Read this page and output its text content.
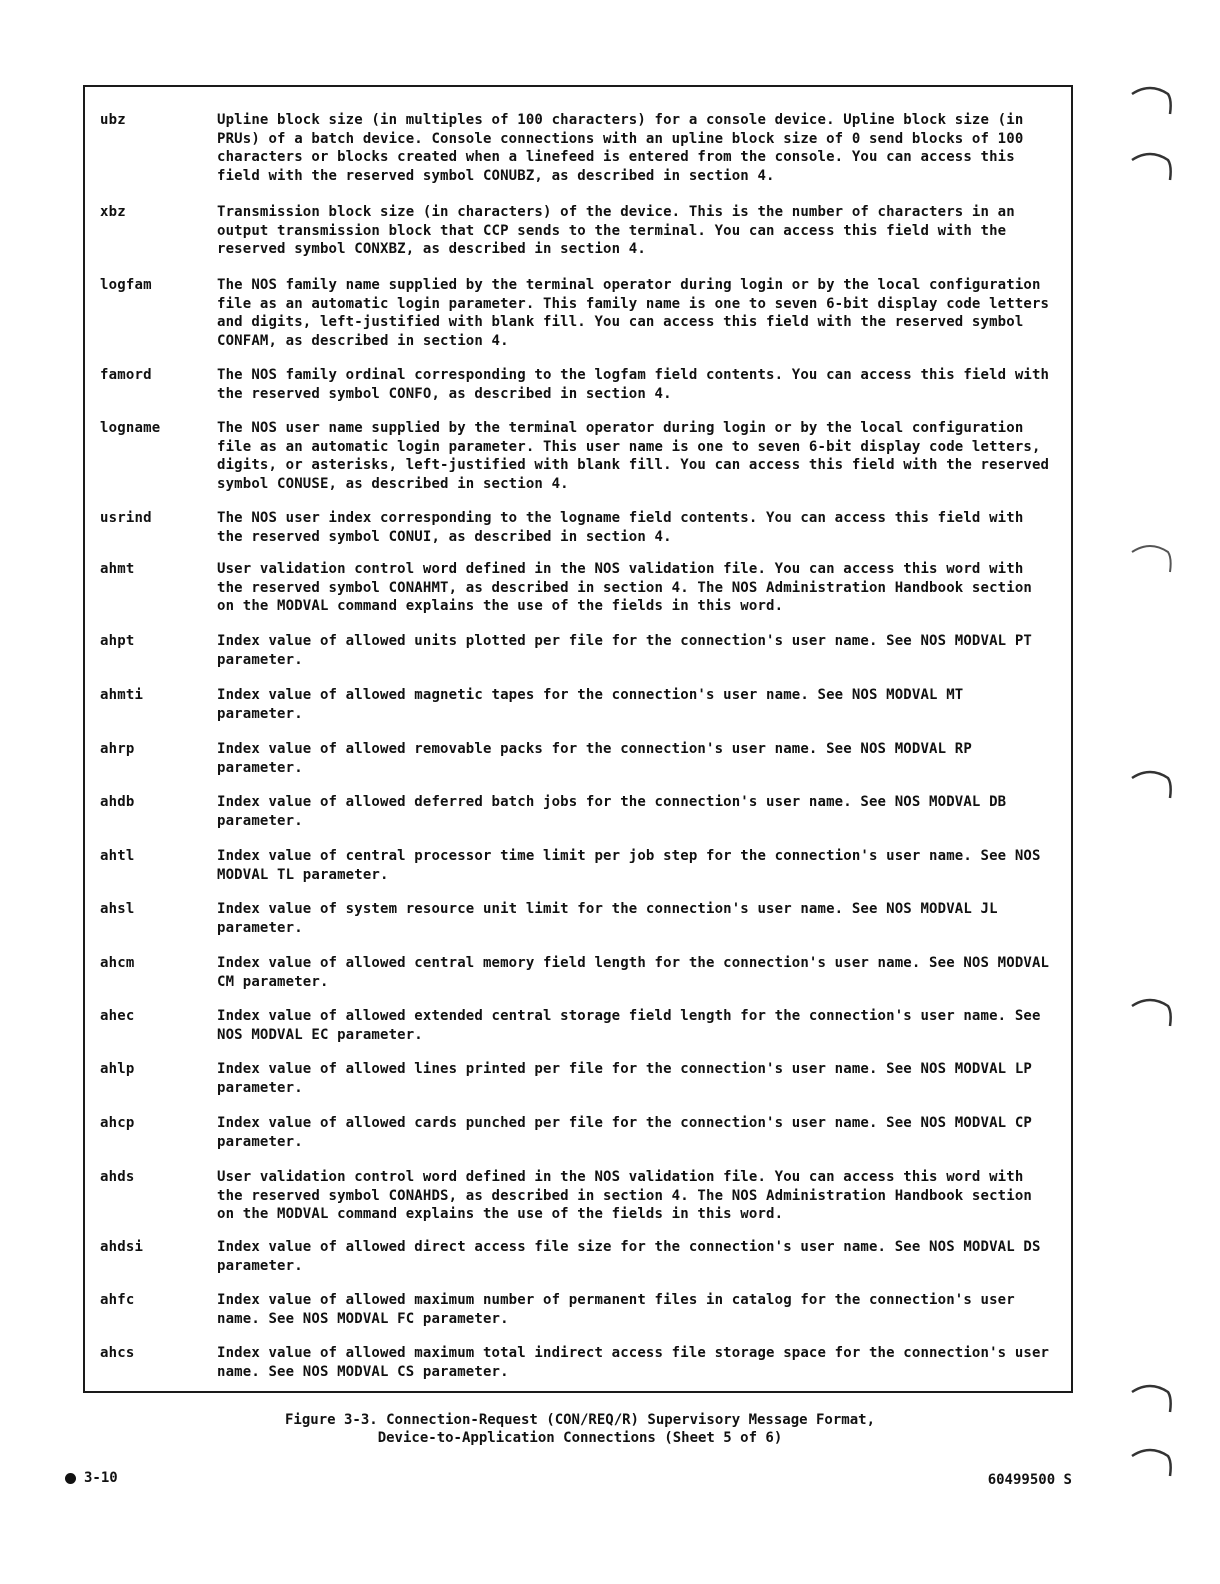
ubz	Upline block size (in multiples of 100 characters) for a console device. Upline block size (in PRUs) of a batch device. Console connections with an upline block size of 0 send blocks of 100 characters or blocks created when a linefeed is entered from the console. You can access this field with the reserved symbol CONUBZ, as described in section 4.
xbz	Transmission block size (in characters) of the device. This is the number of characters in an output transmission block that CCP sends to the terminal. You can access this field with the reserved symbol CONXBZ, as described in section 4.
logfam	The NOS family name supplied by the terminal operator during login or by the local configuration file as an automatic login parameter. This family name is one to seven 6-bit display code letters and digits, left-justified with blank fill. You can access this field with the reserved symbol CONFAM, as described in section 4.
famord	The NOS family ordinal corresponding to the logfam field contents. You can access this field with the reserved symbol CONFO, as described in section 4.
logname	The NOS user name supplied by the terminal operator during login or by the local configuration file as an automatic login parameter. This user name is one to seven 6-bit display code letters, digits, or asterisks, left-justified with blank fill. You can access this field with the reserved symbol CONUSE, as described in section 4.
usrind	The NOS user index corresponding to the logname field contents. You can access this field with the reserved symbol CONUI, as described in section 4.
ahmt	User validation control word defined in the NOS validation file. You can access this word with the reserved symbol CONAHMT, as described in section 4. The NOS Administration Handbook section on the MODVAL command explains the use of the fields in this word.
ahpt	Index value of allowed units plotted per file for the connection's user name. See NOS MODVAL PT parameter.
ahmti	Index value of allowed magnetic tapes for the connection's user name. See NOS MODVAL MT parameter.
ahrp	Index value of allowed removable packs for the connection's user name. See NOS MODVAL RP parameter.
ahdb	Index value of allowed deferred batch jobs for the connection's user name. See NOS MODVAL DB parameter.
ahtl	Index value of central processor time limit per job step for the connection's user name. See NOS MODVAL TL parameter.
ahsl	Index value of system resource unit limit for the connection's user name. See NOS MODVAL JL parameter.
ahcm	Index value of allowed central memory field length for the connection's user name. See NOS MODVAL CM parameter.
ahec	Index value of allowed extended central storage field length for the connection's user name. See NOS MODVAL EC parameter.
ahlp	Index value of allowed lines printed per file for the connection's user name. See NOS MODVAL LP parameter.
ahcp	Index value of allowed cards punched per file for the connection's user name. See NOS MODVAL CP parameter.
ahds	User validation control word defined in the NOS validation file. You can access this word with the reserved symbol CONAHDS, as described in section 4. The NOS Administration Handbook section on the MODVAL command explains the use of the fields in this word.
ahdsi	Index value of allowed direct access file size for the connection's user name. See NOS MODVAL DS parameter.
ahfc	Index value of allowed maximum number of permanent files in catalog for the connection's user name. See NOS MODVAL FC parameter.
ahcs	Index value of allowed maximum total indirect access file storage space for the connection's user name. See NOS MODVAL CS parameter.
Figure 3-3. Connection-Request (CON/REQ/R) Supervisory Message Format,
Device-to-Application Connections (Sheet 5 of 6)
3-10	60499500 S
